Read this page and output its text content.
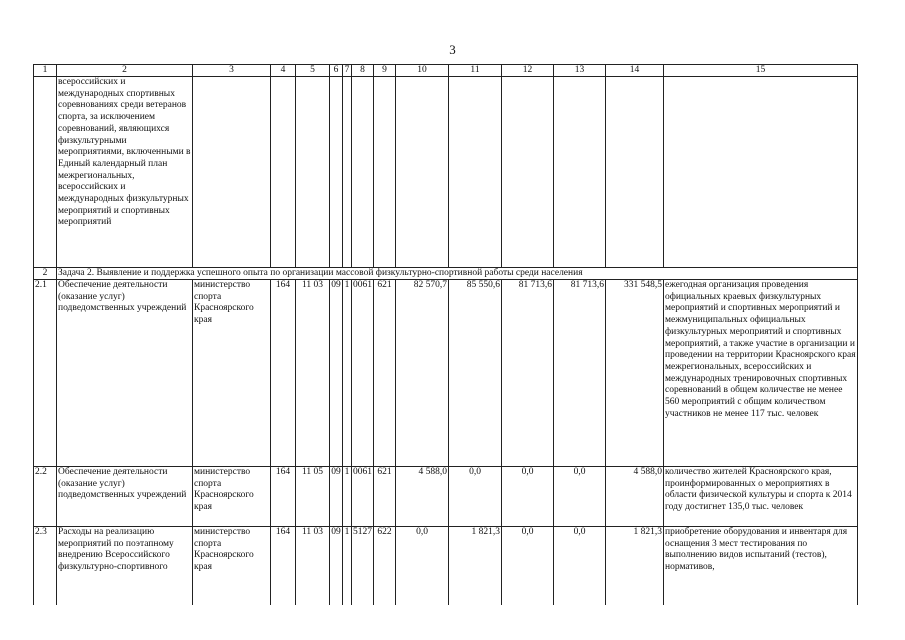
3
1	2	3	4	5	6	7	8	9	10	11	12	13	14	15
	всероссийских и международных спортивных соревнованиях среди ветеранов спорта, за исключением соревнований, являющихся физкультурными мероприятиями, включенными в Единый календарный план межрегиональных, всероссийских и международных физкультурных мероприятий и спортивных мероприятий													
2	Задача 2. Выявление и поддержка успешного опыта по организации массовой физкультурно-спортивной работы среди населения													
2.1	Обеспечение деятельности (оказание услуг) подведомственных учреждений	министерство спорта Красноярского края	164	11 03	09	1	0061	621	82 570,7	85 550,6	81 713,6	81 713,6	331 548,5	ежегодная организация проведения официальных краевых физкультурных мероприятий и спортивных мероприятий и межмуниципальных официальных физкультурных мероприятий и спортивных мероприятий, а также участие в организации и проведении на территории Красноярского края межрегиональных, всероссийских и международных тренировочных спортивных соревнований в общем количестве не менее 560 мероприятий с общим количеством участников не менее 117 тыс. человек
2.2	Обеспечение деятельности (оказание услуг) подведомственных учреждений	министерство спорта Красноярского края	164	11 05	09	1	0061	621	4 588,0	0,0	0,0	0,0	4 588,0	количество жителей Красноярского края, проинформированных о мероприятиях в области физической культуры и спорта к 2014 году достигнет 135,0 тыс. человек
2.3	Расходы на реализацию мероприятий по поэтапному внедрению Всероссийского физкультурно-спортивного	министерство спорта Красноярского края	164	11 03	09	1	5127	622	0,0	1 821,3	0,0	0,0	1 821,3	приобретение оборудования и инвентаря для оснащения 3 мест тестирования по выполнению видов испытаний (тестов), нормативов,
